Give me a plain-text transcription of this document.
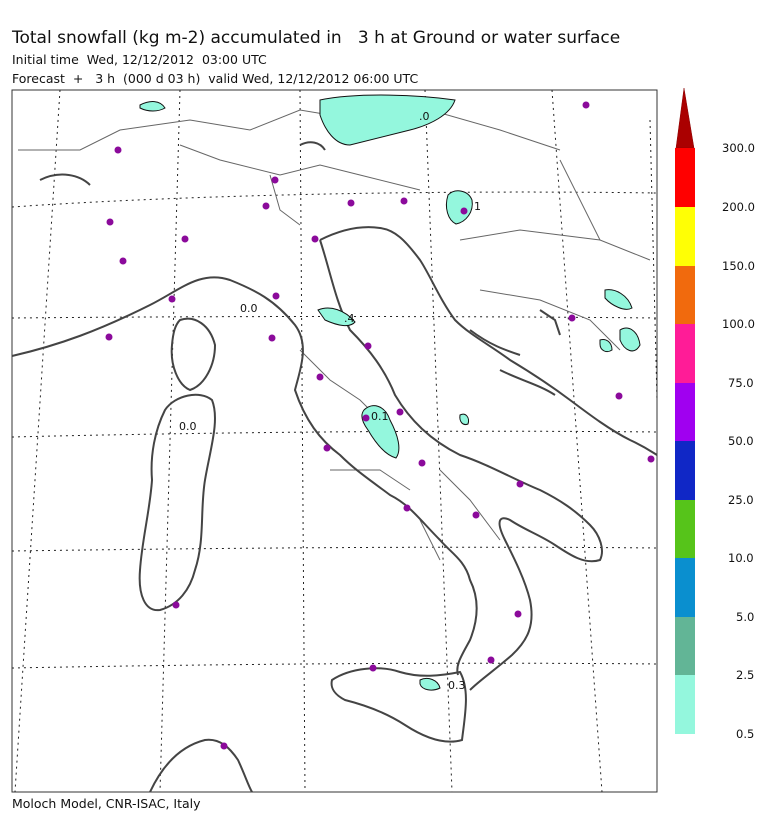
Total snowfall (kg m-2) accumulated in   3 h at Ground or water surface
Initial time  Wed, 12/12/2012  03:00 UTC
Forecast  +   3 h  (000 d 03 h)  valid Wed, 12/12/2012 06:00 UTC
0.0
.0
1
.4
0.0
0.1
0.3
300.0
200.0
150.0
100.0
75.0
50.0
25.0
10.0
5.0
2.5
0.5
Moloch Model, CNR-ISAC, Italy
